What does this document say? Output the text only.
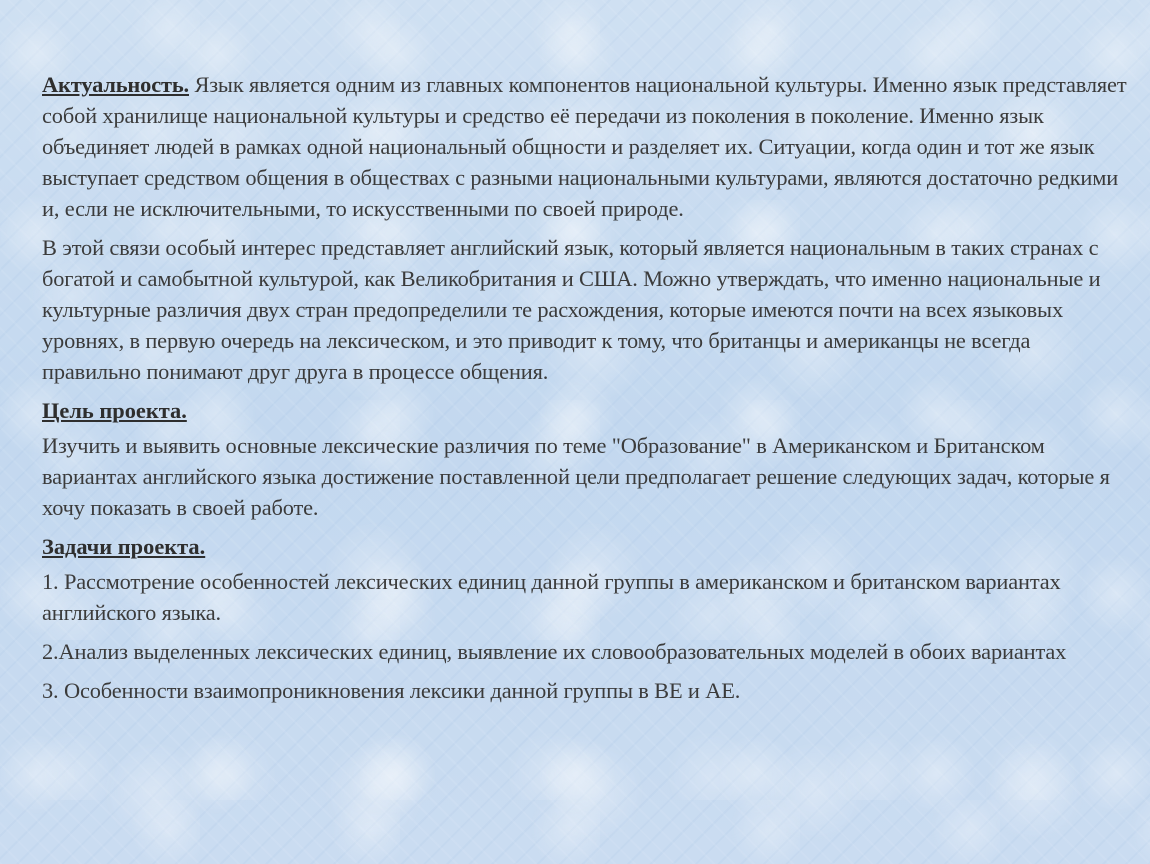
Актуальность. Язык является одним из главных компонентов национальной культуры. Именно язык представляет собой хранилище национальной культуры и средство её передачи из поколения в поколение. Именно язык объединяет людей в рамках одной национальный общности и разделяет их. Ситуации, когда один и тот же язык выступает средством общения в обществах с разными национальными культурами, являются достаточно редкими и, если не исключительными, то искусственными по своей природе.

В этой связи особый интерес представляет английский язык, который является национальным в таких странах с богатой и самобытной культурой, как Великобритания и США. Можно утверждать, что именно национальные и культурные различия двух стран предопределили те расхождения, которые имеются почти на всех языковых уровнях, в первую очередь на лексическом, и это приводит к тому, что британцы и американцы не всегда правильно понимают друг друга в процессе общения.

Цель проекта.

Изучить и выявить основные лексические различия по теме "Образование" в Американском и Британском вариантах английского языка достижение поставленной цели предполагает решение следующих задач, которые я хочу показать в своей работе.

Задачи проекта.

1. Рассмотрение особенностей лексических единиц данной группы в американском и британском вариантах английского языка.

2.Анализ выделенных лексических единиц, выявление их словообразовательных моделей в обоих вариантах

3. Особенности взаимопроникновения лексики данной группы в BE и AE.
